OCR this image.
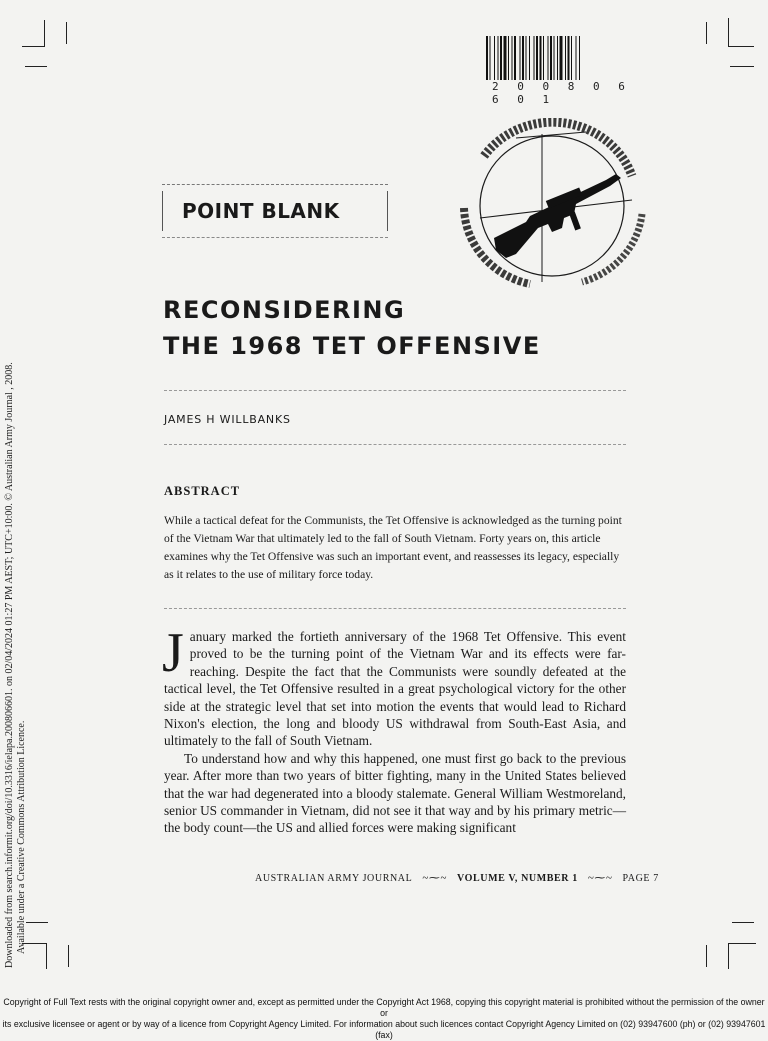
2 0 0 8 0 6 6 0 1
POINT BLANK
RECONSIDERING
THE 1968 TET OFFENSIVE
JAMES H WILLBANKS
ABSTRACT
While a tactical defeat for the Communists, the Tet Offensive is acknowledged as the turning point of the Vietnam War that ultimately led to the fall of South Vietnam. Forty years on, this article examines why the Tet Offensive was such an important event, and reassesses its legacy, especially as it relates to the use of military force today.

January marked the fortieth anniversary of the 1968 Tet Offensive. This event proved to be the turning point of the Vietnam War and its effects were far-reaching. Despite the fact that the Communists were soundly defeated at the tactical level, the Tet Offensive resulted in a great psychological victory for the other side at the strategic level that set into motion the events that would lead to Richard Nixon's election, the long and bloody US withdrawal from South-East Asia, and ultimately to the fall of South Vietnam.

To understand how and why this happened, one must first go back to the previous year. After more than two years of bitter fighting, many in the United States believed that the war had degenerated into a bloody stalemate. General William Westmoreland, senior US commander in Vietnam, did not see it that way and by his primary metric—the body count—the US and allied forces were making significant

AUSTRALIAN ARMY JOURNAL ~⁓~ VOLUME V, NUMBER 1 ~⁓~ PAGE 7
Downloaded from search.informit.org/doi/10.3316/ielapa.200806601. on 02/04/2024 01:27 PM AEST; UTC+10:00. © Australian Army Journal , 2008. Available under a Creative Commons Attribution Licence.
Copyright of Full Text rests with the original copyright owner and, except as permitted under the Copyright Act 1968, copying this copyright material is prohibited without the permission of the owner or
its exclusive licensee or agent or by way of a licence from Copyright Agency Limited. For information about such licences contact Copyright Agency Limited on (02) 93947600 (ph) or (02) 93947601 (fax)
